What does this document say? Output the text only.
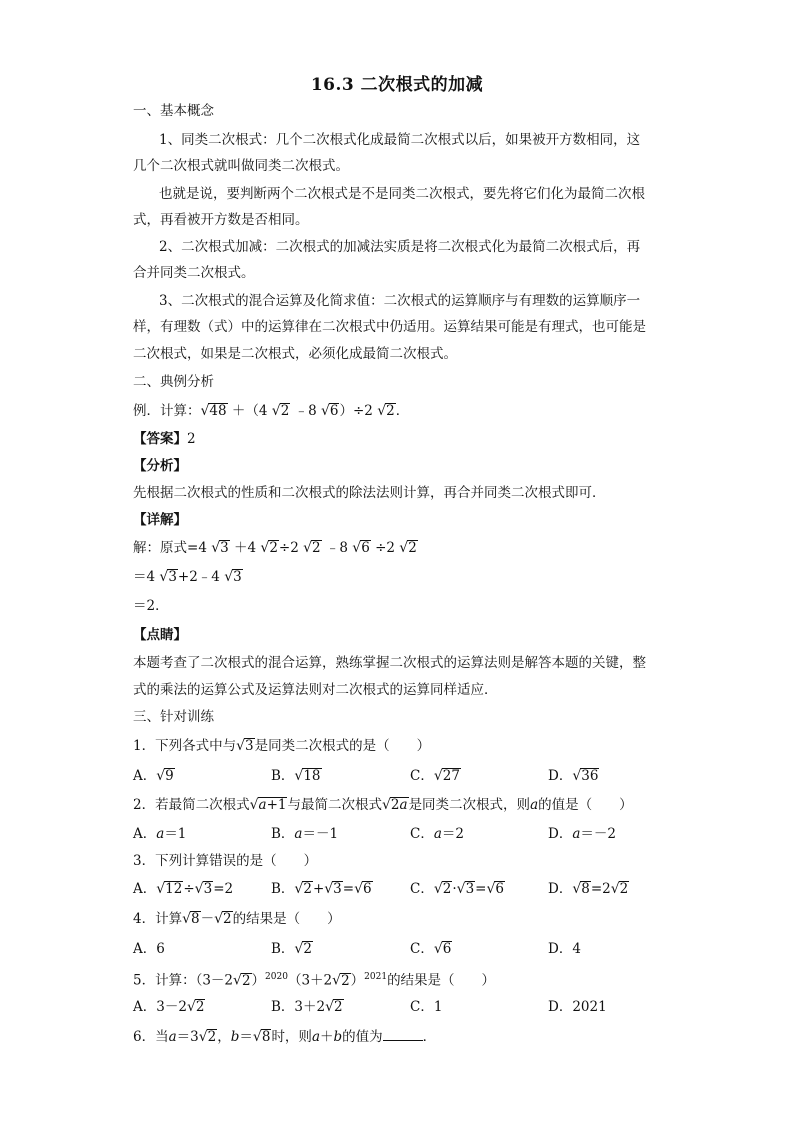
16.3 二次根式的加减
一、基本概念
1、同类二次根式：几个二次根式化成最简二次根式以后，如果被开方数相同，这
几个二次根式就叫做同类二次根式。
也就是说，要判断两个二次根式是不是同类二次根式，要先将它们化为最简二次根
式，再看被开方数是否相同。
2、二次根式加减：二次根式的加减法实质是将二次根式化为最简二次根式后，再
合并同类二次根式。
3、二次根式的混合运算及化简求值：二次根式的运算顺序与有理数的运算顺序一
样，有理数（式）中的运算律在二次根式中仍适用。运算结果可能是有理式，也可能是
二次根式，如果是二次根式，必须化成最简二次根式。
二、典例分析
例．计算：√48 ＋（4 √2 ﹣8 √6）÷2 √2．
【答案】2
【分析】
先根据二次根式的性质和二次根式的除法法则计算，再合并同类二次根式即可．
【详解】
解：原式=4 √3 ＋4 √2÷2 √2 ﹣8 √6 ÷2 √2
＝4 √3+2﹣4 √3
＝2．
【点睛】
本题考查了二次根式的混合运算，熟练掌握二次根式的运算法则是解答本题的关键，整
式的乘法的运算公式及运算法则对二次根式的运算同样适应．
三、针对训练
1．下列各式中与√3是同类二次根式的是（　　）
A．√9	B．√18	C．√27	D．√36
2．若最简二次根式√a+1与最简二次根式√2a是同类二次根式，则a的值是（　　）
A．a＝1	B．a＝－1	C．a＝2	D．a＝－2
3．下列计算错误的是（　　）
A．√12÷√3=2	B．√2+√3=√6	C．√2·√3=√6	D．√8=2√2
4．计算√8－√2的结果是（　　）
A．6	B．√2	C．√6	D．4
5．计算：$(3-2√2)^{2020}(3+2√2)^{2021}$的结果是（　　）
A．3－2√2	B．3＋2√2	C．1	D．2021
6．当a＝3√2，b＝√8时，则a＋b的值为	．
